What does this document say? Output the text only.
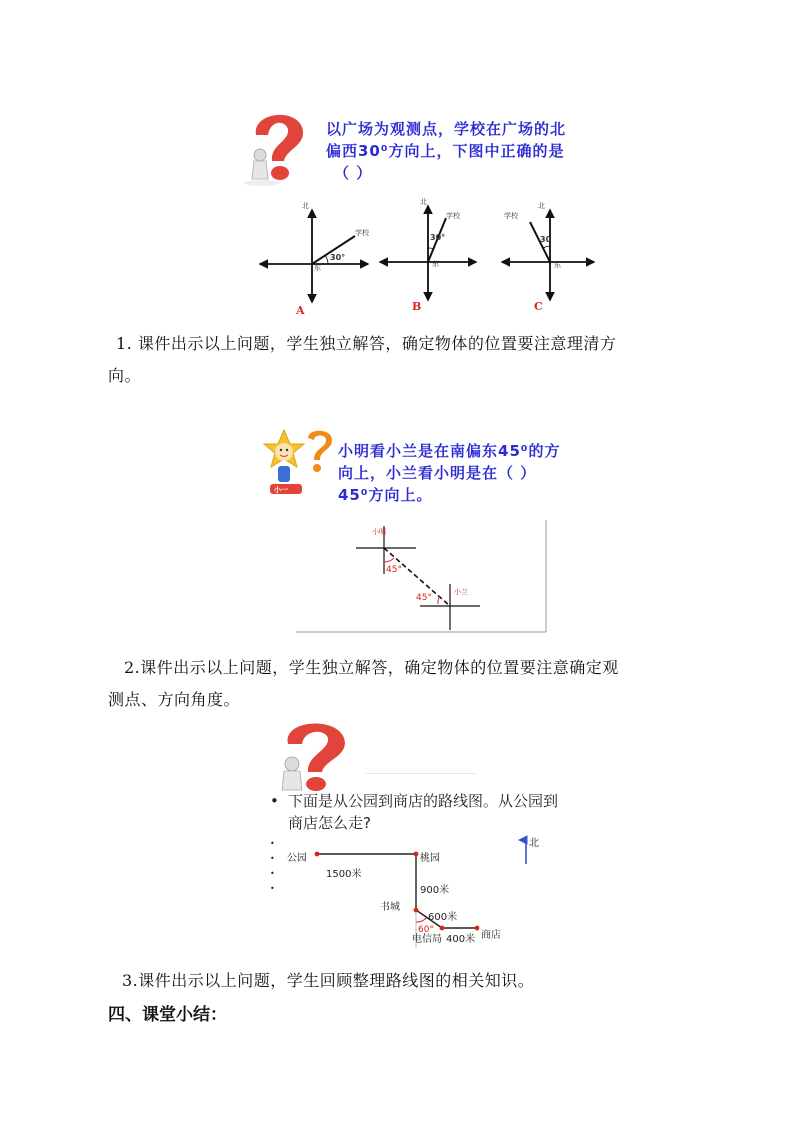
以广场为观测点，学校在广场的北
偏西30⁰方向上，下图中正确的是
（ ）
北
学校
30°
东
A
北
学校
30°
东
B
学校
北
30
东
C
1. 课件出示以上问题，学生独立解答，确定物体的位置要注意理清方
向。
小一
小明看小兰是在南偏东45⁰的方
向上，小兰看小明是在（ ）
45⁰方向上。
小明
45°
小兰
45°
2.课件出示以上问题，学生独立解答，确定物体的位置要注意确定观
测点、方向角度。
• 下面是从公园到商店的路线图。从公园到
商店怎么走?
•
•
•
•
北
公园	桃园
1500米
900米
书城
600米
60°
电信局 400米 商店
3.课件出示以上问题，学生回顾整理路线图的相关知识。
四、课堂小结：
